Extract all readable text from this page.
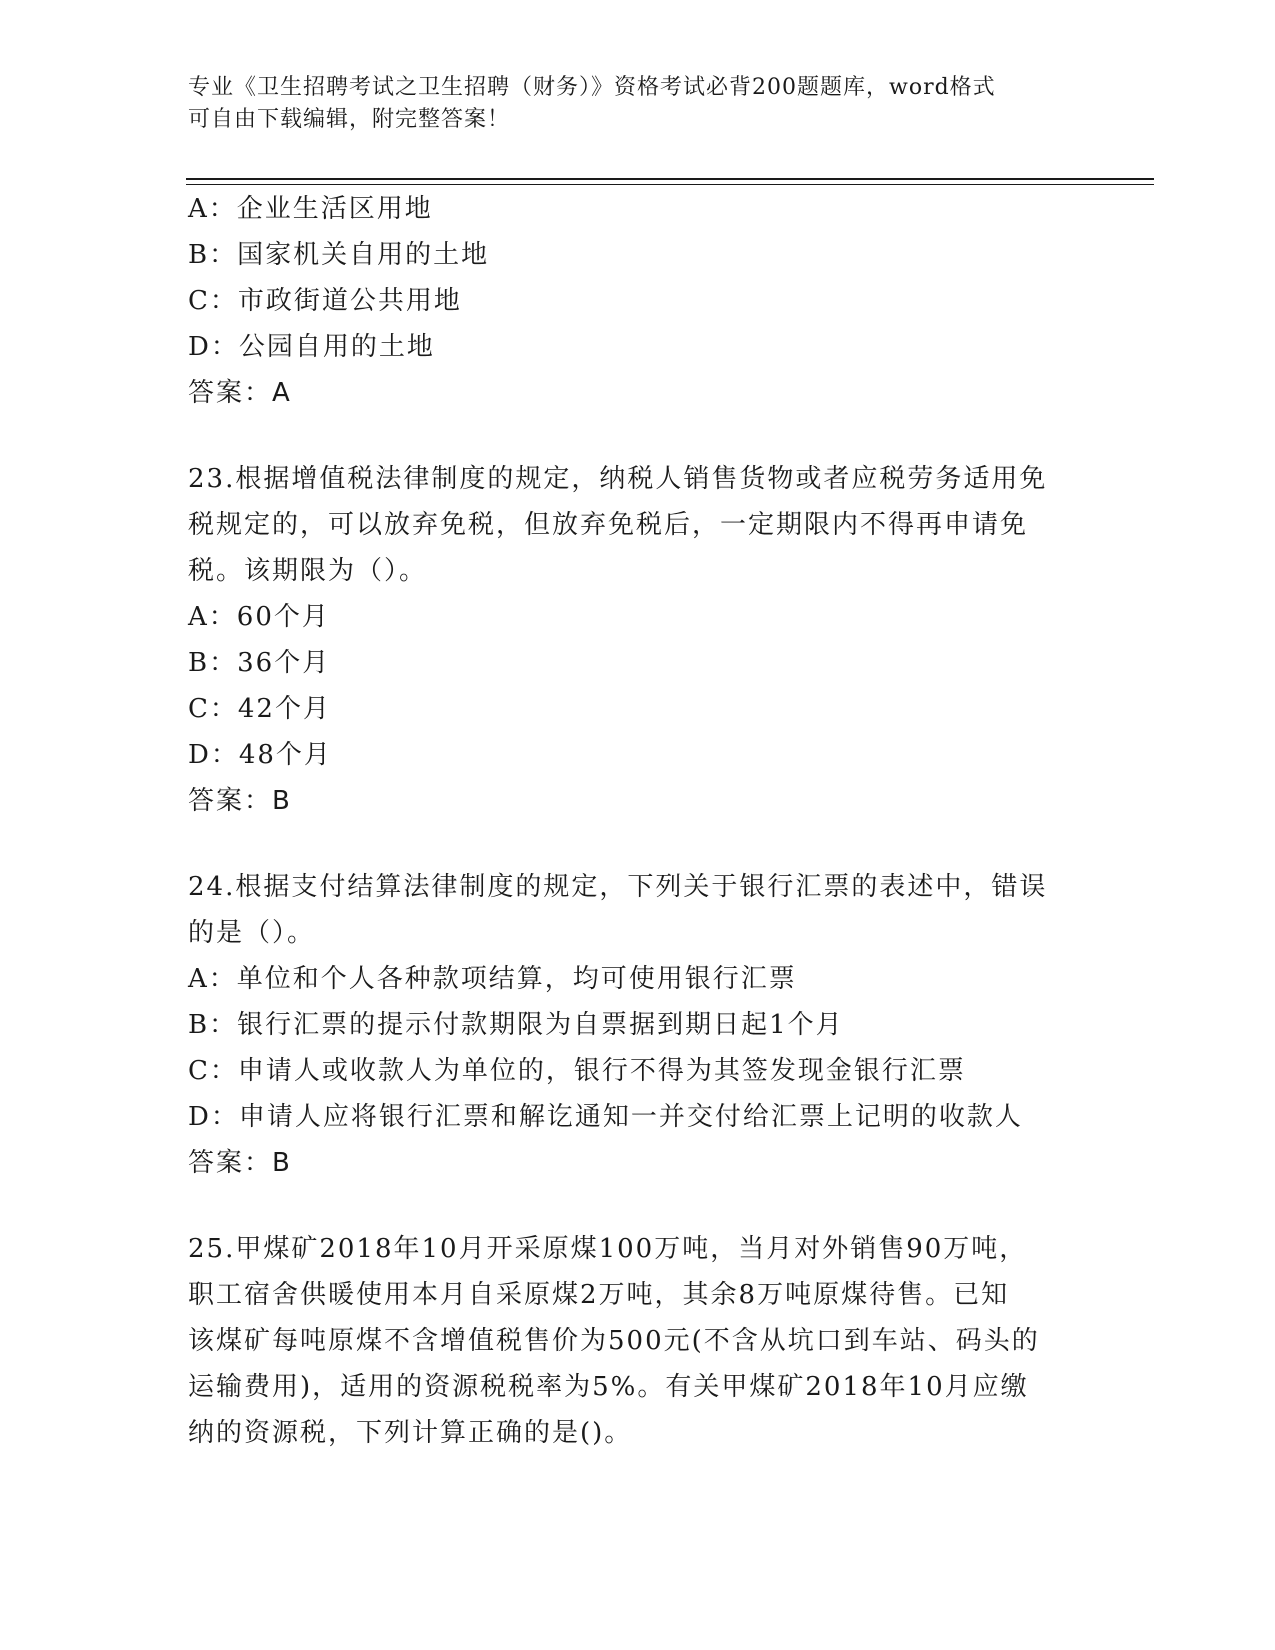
专业《卫生招聘考试之卫生招聘（财务）》资格考试必背200题题库，word格式
可自由下载编辑，附完整答案！
A：企业生活区用地
B：国家机关自用的土地
C：市政街道公共用地
D：公园自用的土地
答案：A
23.根据增值税法律制度的规定，纳税人销售货物或者应税劳务适用免
税规定的，可以放弃免税，但放弃免税后，一定期限内不得再申请免
税。该期限为（）。
A：60个月
B：36个月
C：42个月
D：48个月
答案：B
24.根据支付结算法律制度的规定，下列关于银行汇票的表述中，错误
的是（）。
A：单位和个人各种款项结算，均可使用银行汇票
B：银行汇票的提示付款期限为自票据到期日起1个月
C：申请人或收款人为单位的，银行不得为其签发现金银行汇票
D：申请人应将银行汇票和解讫通知一并交付给汇票上记明的收款人
答案：B
25.甲煤矿2018年10月开采原煤100万吨，当月对外销售90万吨，
职工宿舍供暖使用本月自采原煤2万吨，其余8万吨原煤待售。已知
该煤矿每吨原煤不含增值税售价为500元(不含从坑口到车站、码头的
运输费用)，适用的资源税税率为5%。有关甲煤矿2018年10月应缴
纳的资源税，下列计算正确的是()。
